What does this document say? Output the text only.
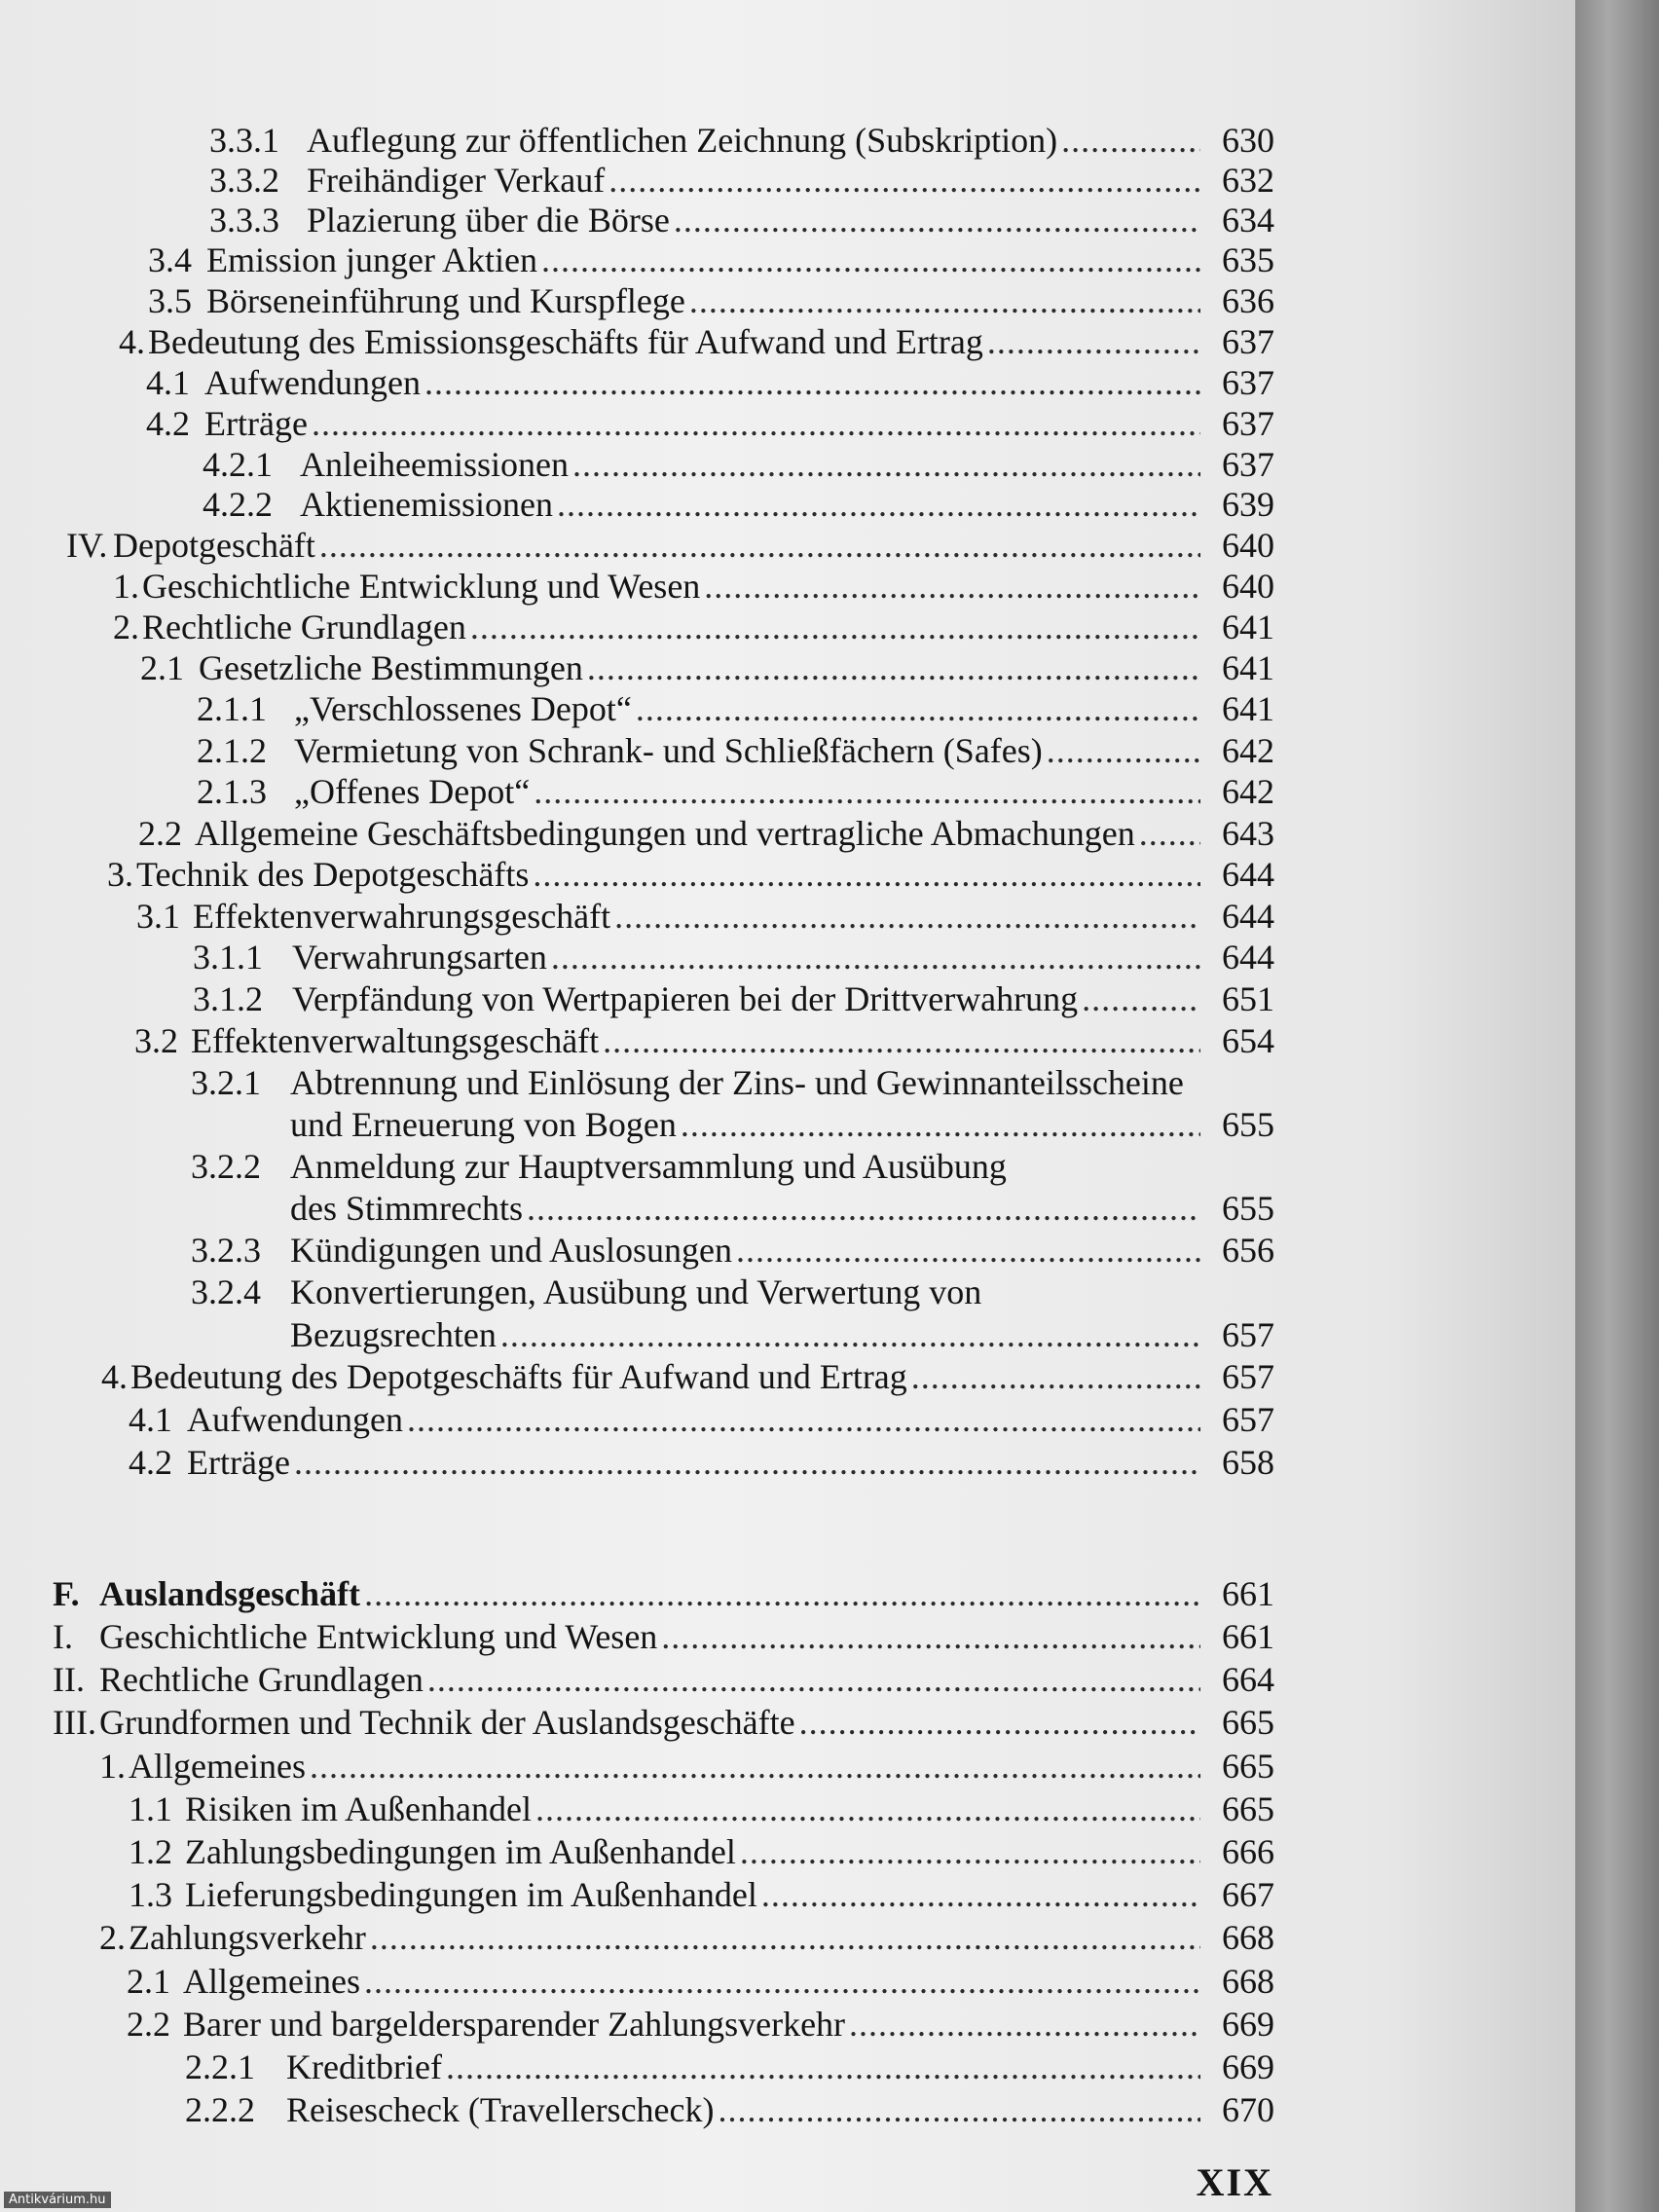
3.3.1 Auflegung zur öffentlichen Zeichnung (Subskription) .....	630
3.3.2 Freihändiger Verkauf .....	632
3.3.3 Plazierung über die Börse .....	634
3.4 Emission junger Aktien .....	635
3.5 Börseneinführung und Kurspflege .....	636
4. Bedeutung des Emissionsgeschäfts für Aufwand und Ertrag .....	637
4.1 Aufwendungen .....	637
4.2 Erträge .....	637
4.2.1 Anleiheemissionen .....	637
4.2.2 Aktienemissionen .....	639
IV. Depotgeschäft .....	640
1. Geschichtliche Entwicklung und Wesen .....	640
2. Rechtliche Grundlagen .....	641
2.1 Gesetzliche Bestimmungen .....	641
2.1.1 „Verschlossenes Depot“ .....	641
2.1.2 Vermietung von Schrank- und Schließfächern (Safes) .....	642
2.1.3 „Offenes Depot“ .....	642
2.2 Allgemeine Geschäftsbedingungen und vertragliche Abmachungen .....	643
3. Technik des Depotgeschäfts .....	644
3.1 Effektenverwahrungsgeschäft .....	644
3.1.1 Verwahrungsarten .....	644
3.1.2 Verpfändung von Wertpapieren bei der Drittverwahrung .....	651
3.2 Effektenverwaltungsgeschäft .....	654
3.2.1 Abtrennung und Einlösung der Zins- und Gewinnanteilsscheine
und Erneuerung von Bogen .....	655
3.2.2 Anmeldung zur Hauptversammlung und Ausübung
des Stimmrechts .....	655
3.2.3 Kündigungen und Auslosungen .....	656
3.2.4 Konvertierungen, Ausübung und Verwertung von
Bezugsrechten .....	657
4. Bedeutung des Depotgeschäfts für Aufwand und Ertrag .....	657
4.1 Aufwendungen .....	657
4.2 Erträge .....	658
F. Auslandsgeschäft .....	661
I. Geschichtliche Entwicklung und Wesen .....	661
II. Rechtliche Grundlagen .....	664
III. Grundformen und Technik der Auslandsgeschäfte .....	665
1. Allgemeines .....	665
1.1 Risiken im Außenhandel .....	665
1.2 Zahlungsbedingungen im Außenhandel .....	666
1.3 Lieferungsbedingungen im Außenhandel .....	667
2. Zahlungsverkehr .....	668
2.1 Allgemeines .....	668
2.2 Barer und bargeldersparender Zahlungsverkehr .....	669
2.2.1 Kreditbrief .....	669
2.2.2 Reisescheck (Travellerscheck) .....	670
XIX
Antikvárium.hu
